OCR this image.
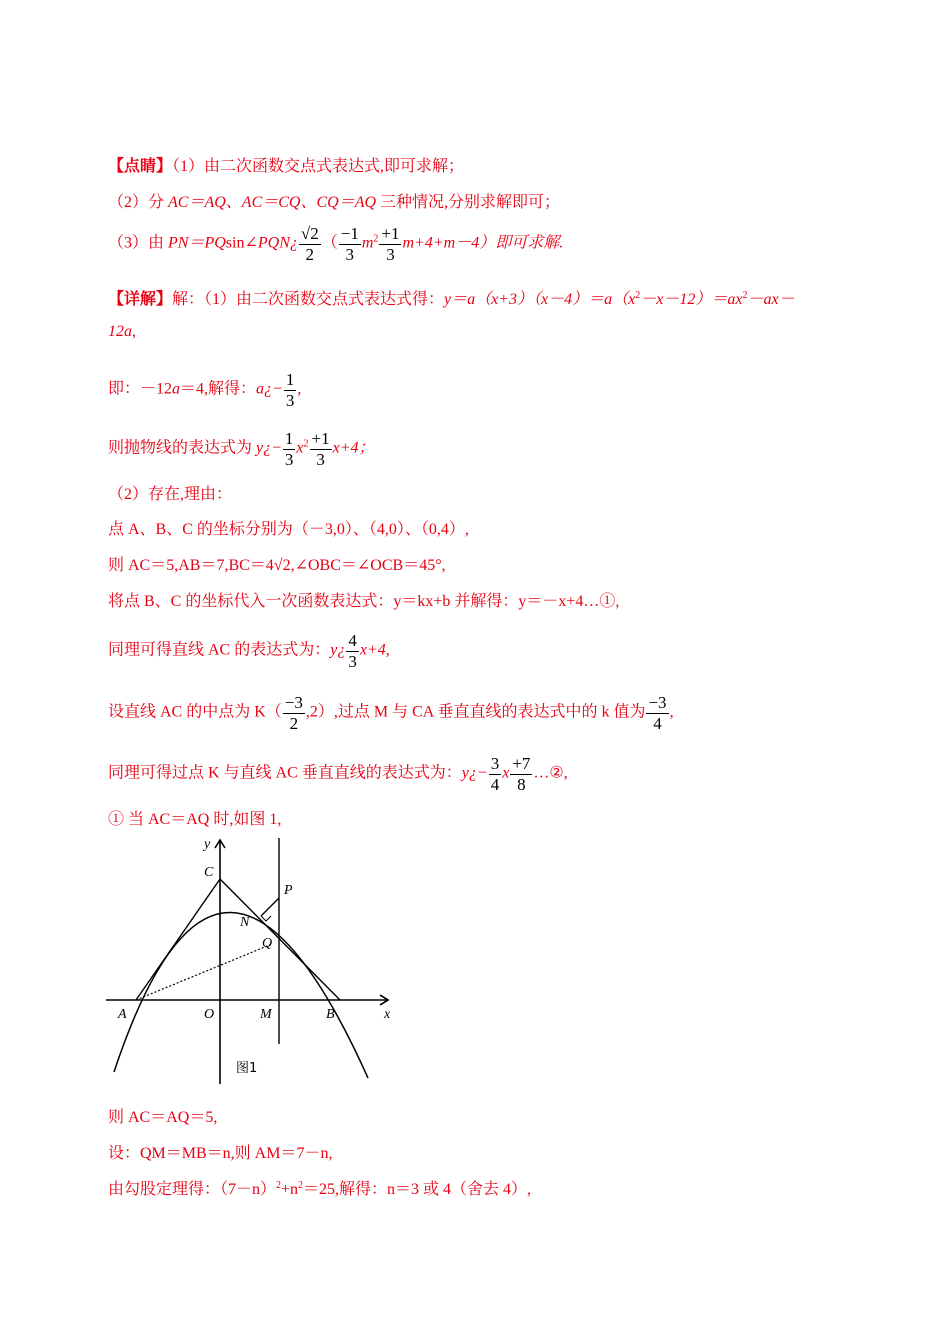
【点睛】（1）由二次函数交点式表达式,即可求解；
（2）分 AC＝AQ、AC＝CQ、CQ＝AQ 三种情况,分别求解即可；
（3）由 PN＝PQsin∠PQN¿ $\frac{√2}{2}$ （ $\frac{-1}{3} m^2 \frac{+1}{3} m+4+m-4$）即可求解.
【详解】解：（1）由二次函数交点式表达式得：$y=a(x+3)(x-4)=a(x^2-x-12)=ax^2-ax-$
12a,
即：－12a＝4,解得：a¿− $\frac{1}{3}$ ,
则抛物线的表达式为 y¿− $\frac{1}{3} x^2 \frac{+1}{3} x+4$；
（2）存在,理由：
点 A、B、C 的坐标分别为（－3,0）、（4,0）、（0,4）,
则 AC＝5,AB＝7,BC＝4√2,∠OBC＝∠OCB＝45°,
将点 B、C 的坐标代入一次函数表达式：y＝kx+b 并解得：y＝－x+4…①,
同理可得直线 AC 的表达式为：y¿ $\frac{4}{3} x+4$,
设直线 AC 的中点为 $K( \frac{-3}{2} ,2)$,过点 M 与 CA 垂直直线的表达式中的 k 值为 $\frac{-3}{4}$ ,
同理可得过点 K 与直线 AC 垂直直线的表达式为：y¿− $\frac{3}{4}$ x $\frac{+7}{8}$ …②,
① 当 AC＝AQ 时,如图 1,
y
x
A	O	M	B
C
P
N
Q
图1
则 AC＝AQ＝5,
设：QM＝MB＝n,则 AM＝7－n,
由勾股定理得：$(7-n)^2+n^2=25$,解得：n＝3 或 4（舍去 4）,
